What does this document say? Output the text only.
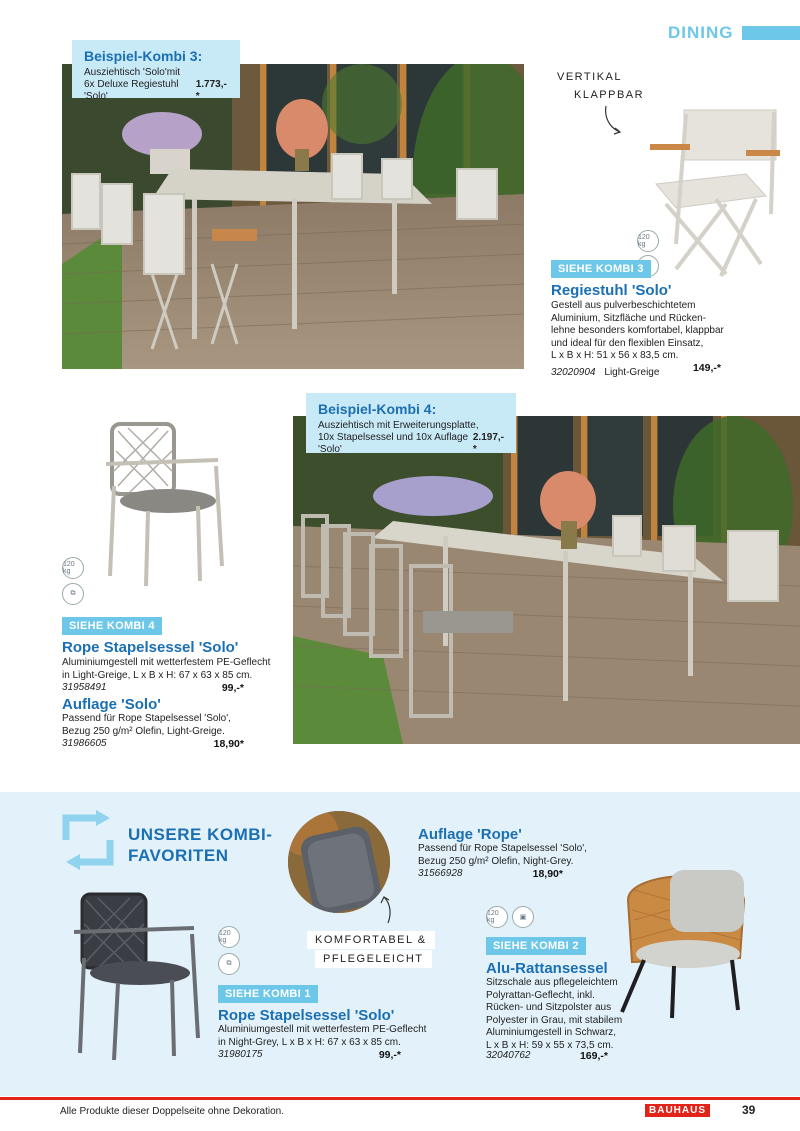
DINING
Beispiel-Kombi 3:
Ausziehtisch 'Solo'mit
6x Deluxe Regiestuhl 'Solo'
1.773,-*
VERTIKAL
KLAPPBAR
120 kg
SIEHE KOMBI 3
Regiestuhl 'Solo'
Gestell aus pulverbeschichtetem
Aluminium, Sitzfläche und Rücken-
lehne besonders komfortabel, klappbar
und ideal für den flexiblen Einsatz,
L x B x H: 51 x 56 x 83,5 cm.
32020904 Light-Greige	149,-*
Beispiel-Kombi 4:
Ausziehtisch mit Erweiterungsplatte,
10x Stapelsessel und 10x Auflage 'Solo'
2.197,-*
120 kg
⧉
SIEHE KOMBI 4
Rope Stapelsessel 'Solo'
Aluminiumgestell mit wetterfestem PE-Geflecht
in Light-Greige, L x B x H: 67 x 63 x 85 cm.
31958491	99,-*
Auflage 'Solo'
Passend für Rope Stapelsessel 'Solo',
Bezug 250 g/m² Olefin, Light-Greige.
31986605	18,90*
UNSERE KOMBI-
FAVORITEN
KOMFORTABEL &
PFLEGELEICHT
Auflage 'Rope'
Passend für Rope Stapelsessel 'Solo',
Bezug 250 g/m² Olefin, Night-Grey.
31566928	18,90*
120 kg
⧉
SIEHE KOMBI 1
Rope Stapelsessel 'Solo'
Aluminiumgestell mit wetterfestem PE-Geflecht
in Night-Grey, L x B x H: 67 x 63 x 85 cm.
31980175	99,-*
120 kg	▣
SIEHE KOMBI 2
Alu-Rattansessel
Sitzschale aus pflegeleichtem
Polyrattan-Geflecht, inkl.
Rücken- und Sitzpolster aus
Polyester in Grau, mit stabilem
Aluminiumgestell in Schwarz,
L x B x H: 59 x 55 x 73,5 cm.
32040762	169,-*
Alle Produkte dieser Doppelseite ohne Dekoration.	BAUHAUS	39
